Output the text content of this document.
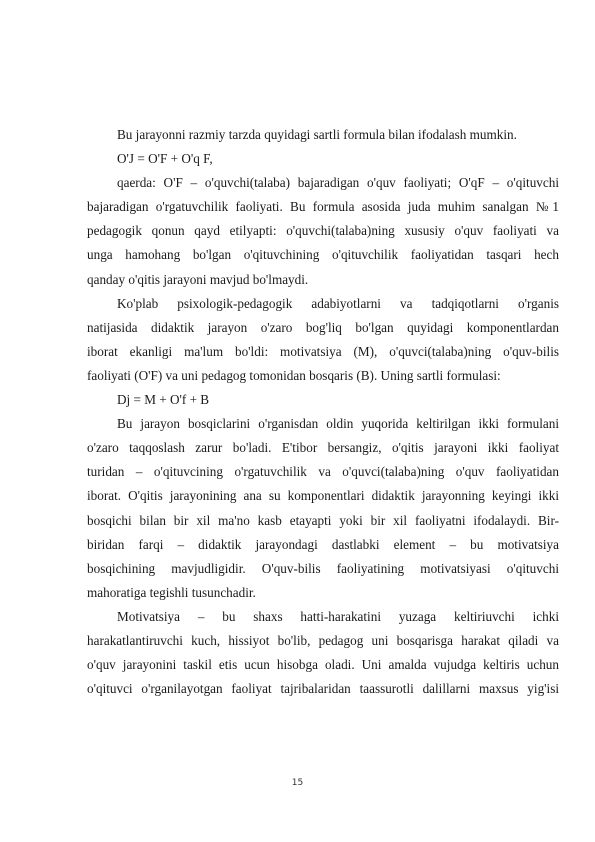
Bu jarayonni razmiy tarzda quyidagi sartli formula bilan ifodalash mumkin.
O'J = O'F + O'q F,
qaerda: O'F – o'quvchi(talaba) bajaradigan o'quv faoliyati; O'qF – o'qituvchi
bajaradigan o'rgatuvchilik faoliyati. Bu formula asosida juda muhim sanalgan №1
pedagogik qonun qayd etilyapti: o'quvchi(talaba)ning xususiy o'quv faoliyati va
unga hamohang bo'lgan o'qituvchining o'qituvchilik faoliyatidan tasqari hech
qanday o'qitis jarayoni mavjud bo'lmaydi.
Ko'plab psixologik-pedagogik adabiyotlarni va tadqiqotlarni o'rganis
natijasida didaktik jarayon o'zaro bog'liq bo'lgan quyidagi komponentlardan
iborat ekanligi ma'lum bo'ldi: motivatsiya (M), o'quvci(talaba)ning o'quv-bilis
faoliyati (O'F) va uni pedagog tomonidan bosqaris (B). Uning sartli formulasi:
Dj = M + O'f + B
Bu jarayon bosqiclarini o'rganisdan oldin yuqorida keltirilgan ikki formulani
o'zaro taqqoslash zarur bo'ladi. E'tibor bersangiz, o'qitis jarayoni ikki faoliyat
turidan – o'qituvcining o'rgatuvchilik va o'quvci(talaba)ning o'quv faoliyatidan
iborat. O'qitis jarayonining ana su komponentlari didaktik jarayonning keyingi ikki
bosqichi bilan bir xil ma'no kasb etayapti yoki bir xil faoliyatni ifodalaydi. Bir-
biridan farqi – didaktik jarayondagi dastlabki element – bu motivatsiya
bosqichining mavjudligidir. O'quv-bilis faoliyatining motivatsiyasi o'qituvchi
mahoratiga tegishli tusunchadir.
Motivatsiya – bu shaxs hatti-harakatini yuzaga keltiriuvchi ichki
harakatlantiruvchi kuch, hissiyot bo'lib, pedagog uni bosqarisga harakat qiladi va
o'quv jarayonini taskil etis ucun hisobga oladi. Uni amalda vujudga keltiris uchun
o'qituvci o'rganilayotgan faoliyat tajribalaridan taassurotli dalillarni maxsus yig'isi
15
